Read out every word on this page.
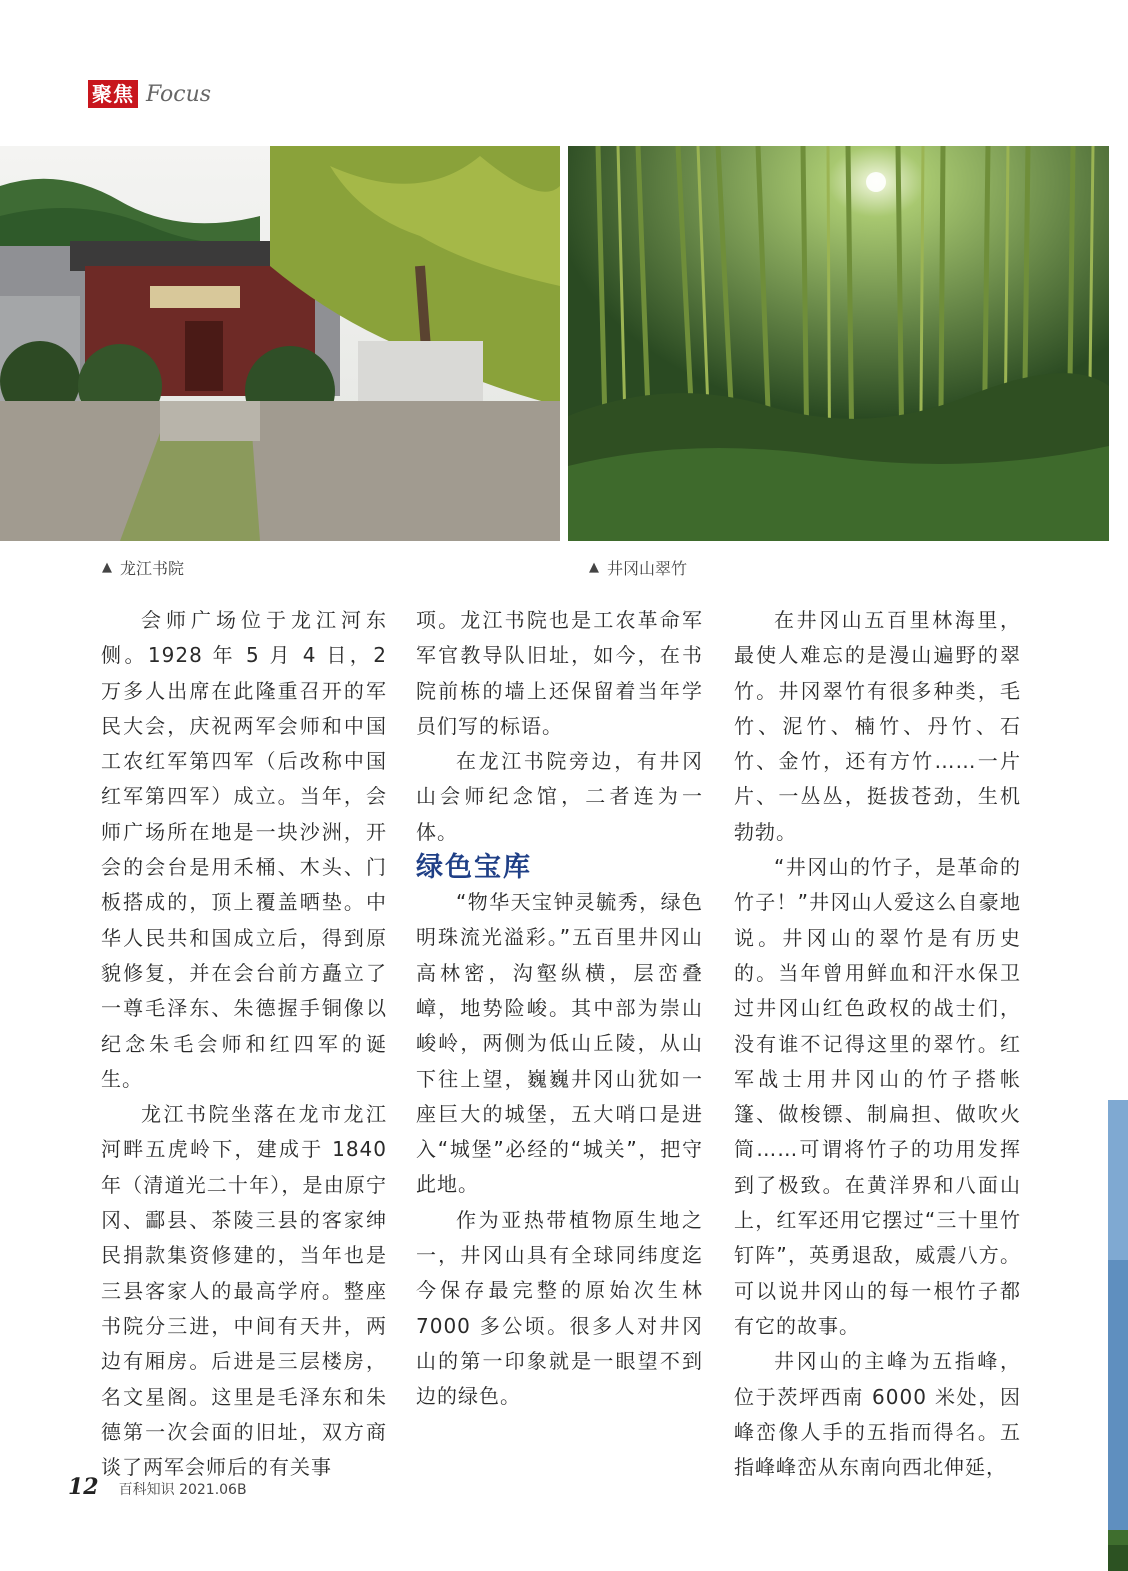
聚焦 Focus
▲ 龙江书院	▲ 井冈山翠竹

会师广场位于龙江河东侧。1928 年 5 月 4 日，2 万多人出席在此隆重召开的军民大会，庆祝两军会师和中国工农红军第四军（后改称中国红军第四军）成立。当年，会师广场所在地是一块沙洲，开会的会台是用禾桶、木头、门板搭成的，顶上覆盖晒垫。中华人民共和国成立后，得到原貌修复，并在会台前方矗立了一尊毛泽东、朱德握手铜像以纪念朱毛会师和红四军的诞生。

龙江书院坐落在龙市龙江河畔五虎岭下，建成于 1840 年（清道光二十年），是由原宁冈、酃县、茶陵三县的客家绅民捐款集资修建的，当年也是三县客家人的最高学府。整座书院分三进，中间有天井，两边有厢房。后进是三层楼房，名文星阁。这里是毛泽东和朱德第一次会面的旧址，双方商谈了两军会师后的有关事

项。龙江书院也是工农革命军军官教导队旧址，如今，在书院前栋的墙上还保留着当年学员们写的标语。

在龙江书院旁边，有井冈山会师纪念馆，二者连为一体。

绿色宝库

“物华天宝钟灵毓秀，绿色明珠流光溢彩。”五百里井冈山高林密，沟壑纵横，层峦叠嶂，地势险峻。其中部为崇山峻岭，两侧为低山丘陵，从山下往上望，巍巍井冈山犹如一座巨大的城堡，五大哨口是进入“城堡”必经的“城关”，把守此地。

作为亚热带植物原生地之一，井冈山具有全球同纬度迄今保存最完整的原始次生林 7000 多公顷。很多人对井冈山的第一印象就是一眼望不到边的绿色。

在井冈山五百里林海里，最使人难忘的是漫山遍野的翠竹。井冈翠竹有很多种类，毛竹、泥竹、楠竹、丹竹、石竹、金竹，还有方竹……一片片、一丛丛，挺拔苍劲，生机勃勃。

“井冈山的竹子，是革命的竹子！”井冈山人爱这么自豪地说。井冈山的翠竹是有历史的。当年曾用鲜血和汗水保卫过井冈山红色政权的战士们，没有谁不记得这里的翠竹。红军战士用井冈山的竹子搭帐篷、做梭镖、制扁担、做吹火筒……可谓将竹子的功用发挥到了极致。在黄洋界和八面山上，红军还用它摆过“三十里竹钉阵”，英勇退敌，威震八方。可以说井冈山的每一根竹子都有它的故事。

井冈山的主峰为五指峰，位于茨坪西南 6000 米处，因峰峦像人手的五指而得名。五指峰峰峦从东南向西北伸延，

12 百科知识 2021.06B
